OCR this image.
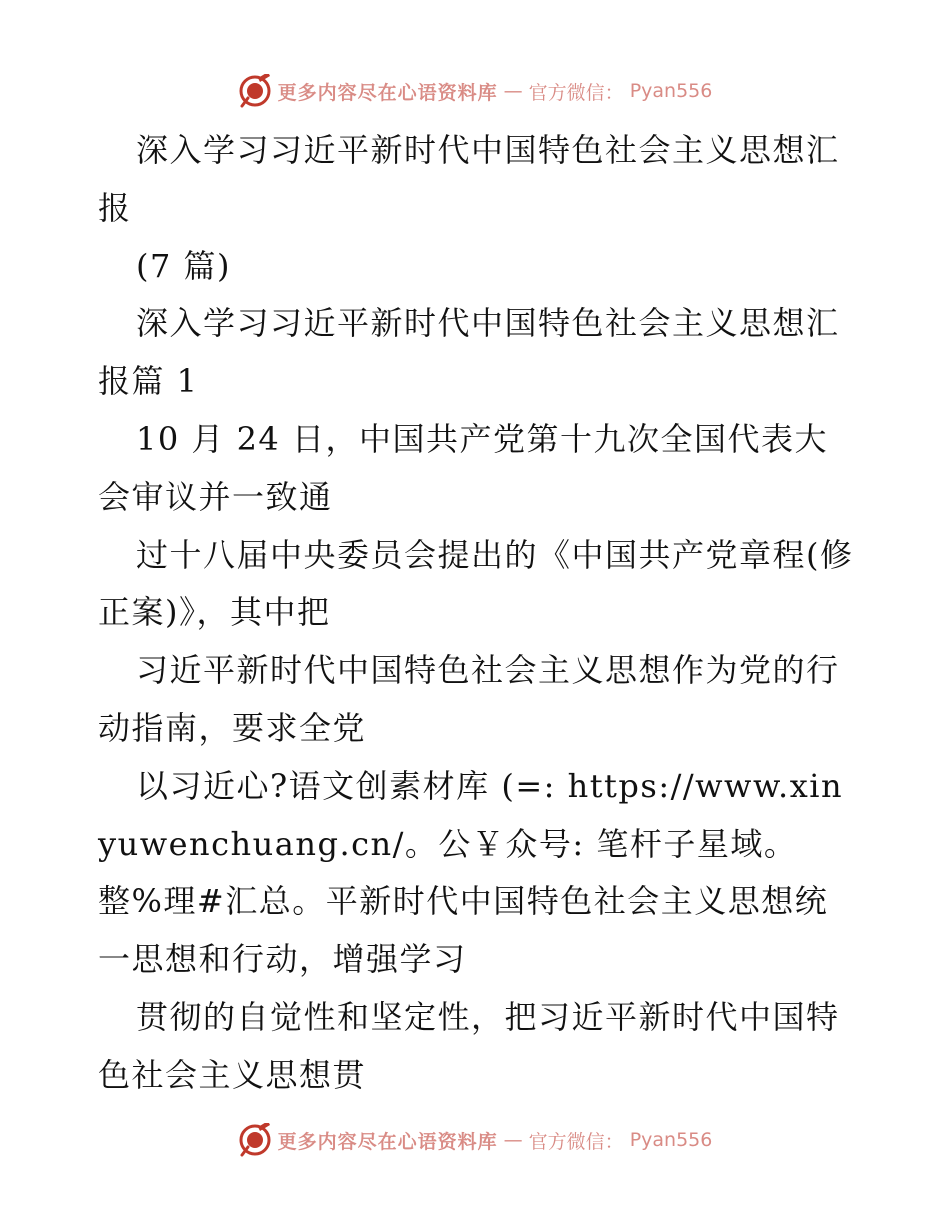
更多内容尽在心语资料库 — 官方微信： Pyan556

深入学习习近平新时代中国特色社会主义思想汇报

(7 篇)

深入学习习近平新时代中国特色社会主义思想汇报篇 1

10 月 24 日，中国共产党第十九次全国代表大会审议并一致通

过十八届中央委员会提出的《中国共产党章程(修正案)》，其中把

习近平新时代中国特色社会主义思想作为党的行动指南，要求全党

以习近心?语文创素材库 (=: https://www.xinyuwenchuang.cn/。公￥众号: 笔杆子星域。整%理#汇总。平新时代中国特色社会主义思想统一思想和行动，增强学习

贯彻的自觉性和坚定性，把习近平新时代中国特色社会主义思想贯

更多内容尽在心语资料库 — 官方微信： Pyan556
